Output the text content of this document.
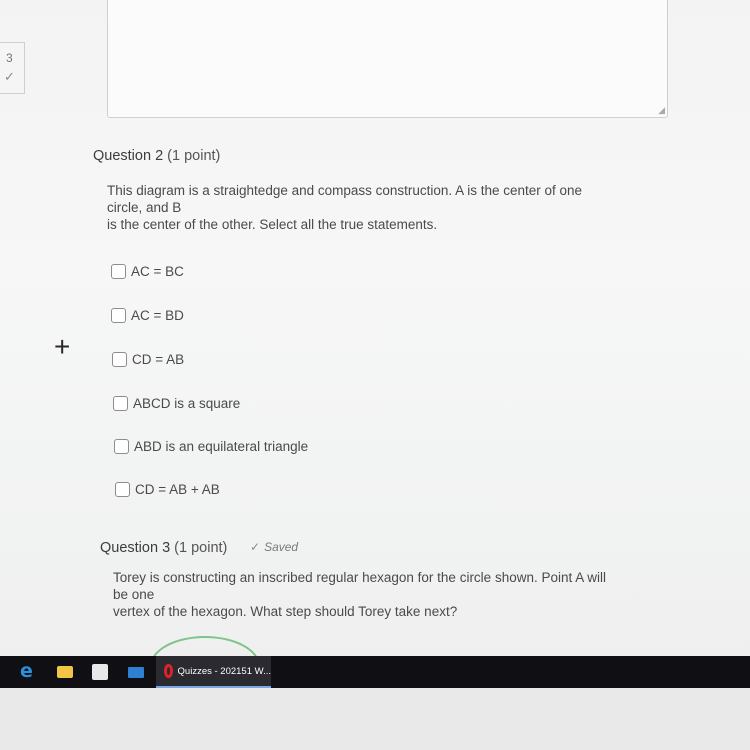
3
✓
◢
Question 2 (1 point)
This diagram is a straightedge and compass construction. A is the center of one
circle, and B
is the center of the other. Select all the true statements.
AC = BC
AC = BD
CD = AB
ABCD is a square
ABD is an equilateral triangle
CD = AB + AB
+
Question 3 (1 point) ✓ Saved
Torey is constructing an inscribed regular hexagon for the circle shown. Point A will
be one
vertex of the hexagon. What step should Torey take next?
e	Quizzes - 202151 W...
